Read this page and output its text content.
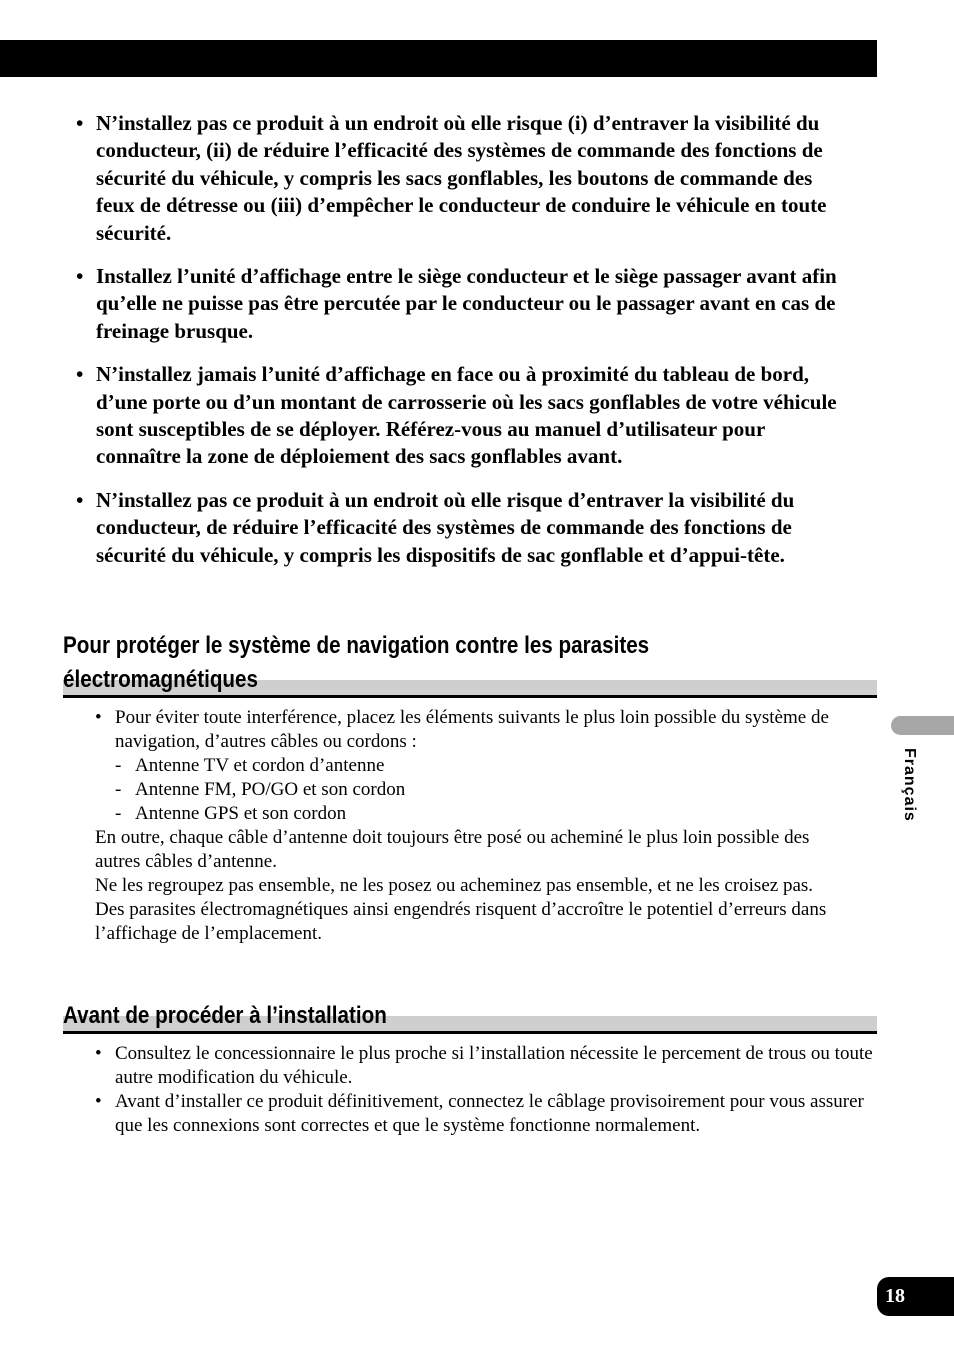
• N’installez pas ce produit à un endroit où elle risque (i) d’entraver la visibilité du conducteur, (ii) de réduire l’efficacité des systèmes de commande des fonctions de sécurité du véhicule, y compris les sacs gonflables, les boutons de commande des feux de détresse ou (iii) d’empêcher le conducteur de conduire le véhicule en toute sécurité.
• Installez l’unité d’affichage entre le siège conducteur et le siège passager avant afin qu’elle ne puisse pas être percutée par le conducteur ou le passager avant en cas de freinage brusque.
• N’installez jamais l’unité d’affichage en face ou à proximité du tableau de bord, d’une porte ou d’un montant de carrosserie où les sacs gonflables de votre véhicule sont susceptibles de se déployer. Référez-vous au manuel d’utilisateur pour connaître la zone de déploiement des sacs gonflables avant.
• N’installez pas ce produit à un endroit où elle risque d’entraver la visibilité du conducteur, de réduire l’efficacité des systèmes de commande des fonctions de sécurité du véhicule, y compris les dispositifs de sac gonflable et d’appui-tête.
Pour protéger le système de navigation contre les parasites
électromagnétiques
• Pour éviter toute interférence, placez les éléments suivants le plus loin possible du système de navigation, d’autres câbles ou cordons :
- Antenne TV et cordon d’antenne
- Antenne FM, PO/GO et son cordon
- Antenne GPS et son cordon
En outre, chaque câble d’antenne doit toujours être posé ou acheminé le plus loin possible des autres câbles d’antenne.
Ne les regroupez pas ensemble, ne les posez ou acheminez pas ensemble, et ne les croisez pas.
Des parasites électromagnétiques ainsi engendrés risquent d’accroître le potentiel d’erreurs dans l’affichage de l’emplacement.
Avant de procéder à l’installation
• Consultez le concessionnaire le plus proche si l’installation nécessite le percement de trous ou toute autre modification du véhicule.
• Avant d’installer ce produit définitivement, connectez le câblage provisoirement pour vous assurer que les connexions sont correctes et que le système fonctionne normalement.
Français
18
